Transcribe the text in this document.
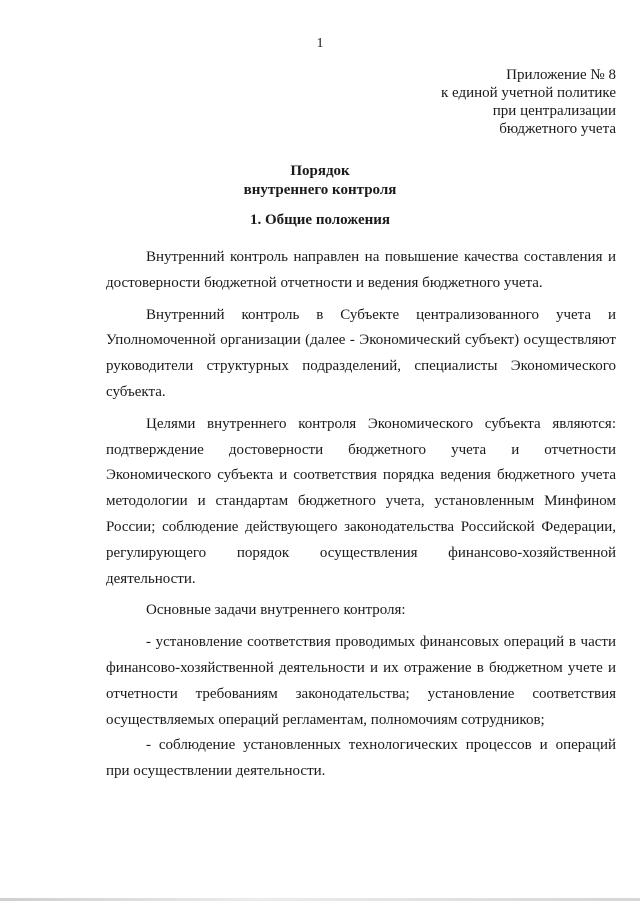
1
Приложение № 8
к единой учетной политике
при централизации
бюджетного учета
Порядок
внутреннего контроля
1. Общие положения

Внутренний контроль направлен на повышение качества составления и достоверности бюджетной отчетности и ведения бюджетного учета.

Внутренний контроль в Субъекте централизованного учета и Уполномоченной организации (далее - Экономический субъект) осуществляют руководители структурных подразделений, специалисты Экономического субъекта.

Целями внутреннего контроля Экономического субъекта являются: подтверждение достоверности бюджетного учета и отчетности Экономического субъекта и соответствия порядка ведения бюджетного учета методологии и стандартам бюджетного учета, установленным Минфином России; соблюдение действующего законодательства Российской Федерации, регулирующего порядок осуществления финансово-хозяйственной деятельности.

Основные задачи внутреннего контроля:

- установление соответствия проводимых финансовых операций в части финансово-хозяйственной деятельности и их отражение в бюджетном учете и отчетности требованиям законодательства; установление соответствия осуществляемых операций регламентам, полномочиям сотрудников;

- соблюдение установленных технологических процессов и операций при осуществлении деятельности.
